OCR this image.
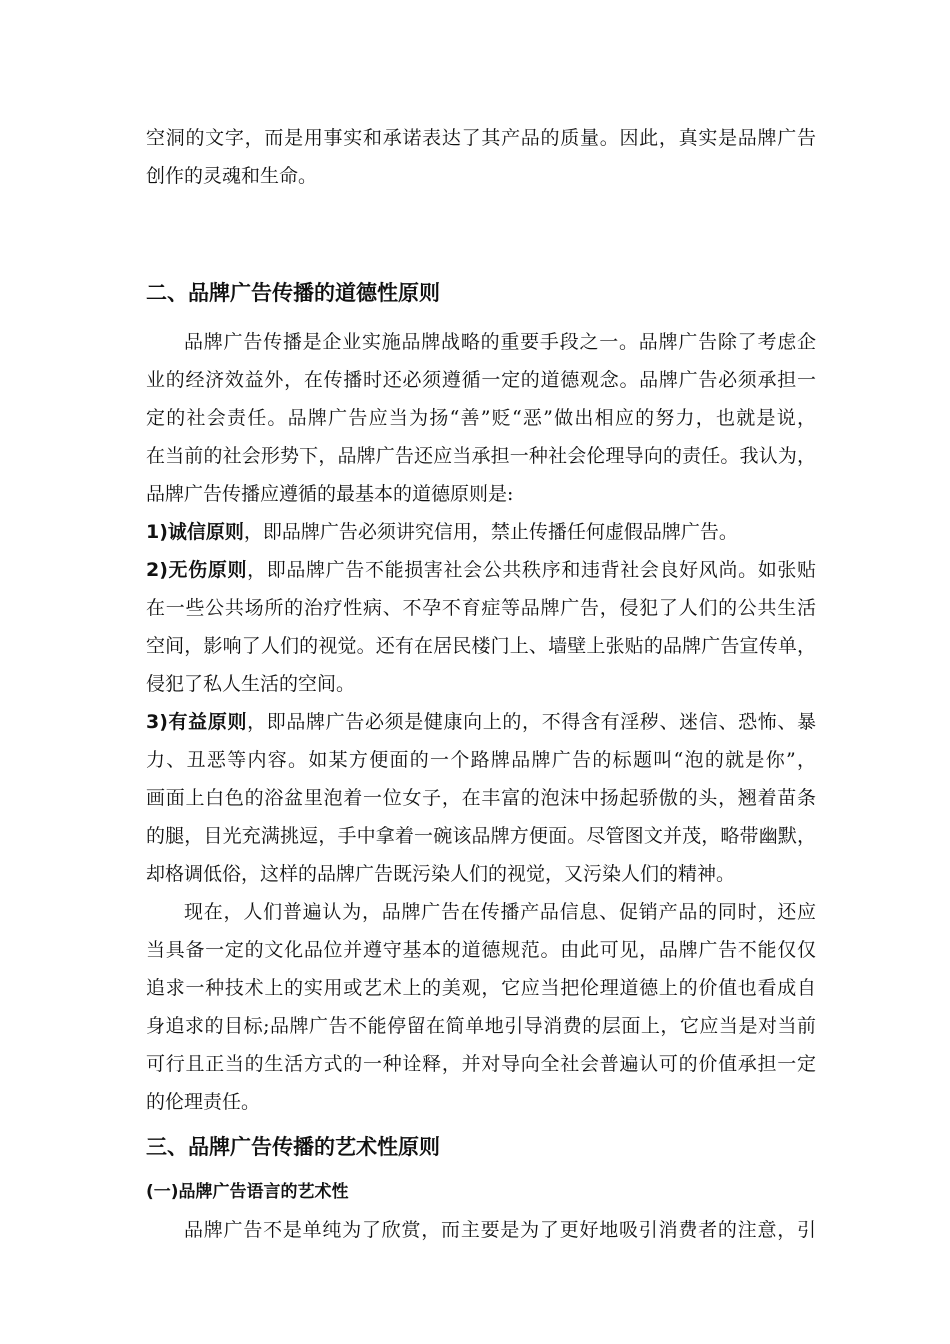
空洞的文字，而是用事实和承诺表达了其产品的质量。因此，真实是品牌广告
创作的灵魂和生命。
二、品牌广告传播的道德性原则
品牌广告传播是企业实施品牌战略的重要手段之一。品牌广告除了考虑企
业的经济效益外，在传播时还必须遵循一定的道德观念。品牌广告必须承担一
定的社会责任。品牌广告应当为扬“善”贬“恶”做出相应的努力，也就是说，
在当前的社会形势下，品牌广告还应当承担一种社会伦理导向的责任。我认为，
品牌广告传播应遵循的最基本的道德原则是:
1)诚信原则，即品牌广告必须讲究信用，禁止传播任何虚假品牌广告。
2)无伤原则，即品牌广告不能损害社会公共秩序和违背社会良好风尚。如张贴
在一些公共场所的治疗性病、不孕不育症等品牌广告，侵犯了人们的公共生活
空间，影响了人们的视觉。还有在居民楼门上、墙壁上张贴的品牌广告宣传单，
侵犯了私人生活的空间。
3)有益原则，即品牌广告必须是健康向上的，不得含有淫秽、迷信、恐怖、暴
力、丑恶等内容。如某方便面的一个路牌品牌广告的标题叫“泡的就是你”，
画面上白色的浴盆里泡着一位女子，在丰富的泡沫中扬起骄傲的头，翘着苗条
的腿，目光充满挑逗，手中拿着一碗该品牌方便面。尽管图文并茂，略带幽默，
却格调低俗，这样的品牌广告既污染人们的视觉，又污染人们的精神。
现在，人们普遍认为，品牌广告在传播产品信息、促销产品的同时，还应
当具备一定的文化品位并遵守基本的道德规范。由此可见，品牌广告不能仅仅
追求一种技术上的实用或艺术上的美观，它应当把伦理道德上的价值也看成自
身追求的目标;品牌广告不能停留在简单地引导消费的层面上，它应当是对当前
可行且正当的生活方式的一种诠释，并对导向全社会普遍认可的价值承担一定
的伦理责任。
三、品牌广告传播的艺术性原则
(一)品牌广告语言的艺术性
品牌广告不是单纯为了欣赏，而主要是为了更好地吸引消费者的注意，引
